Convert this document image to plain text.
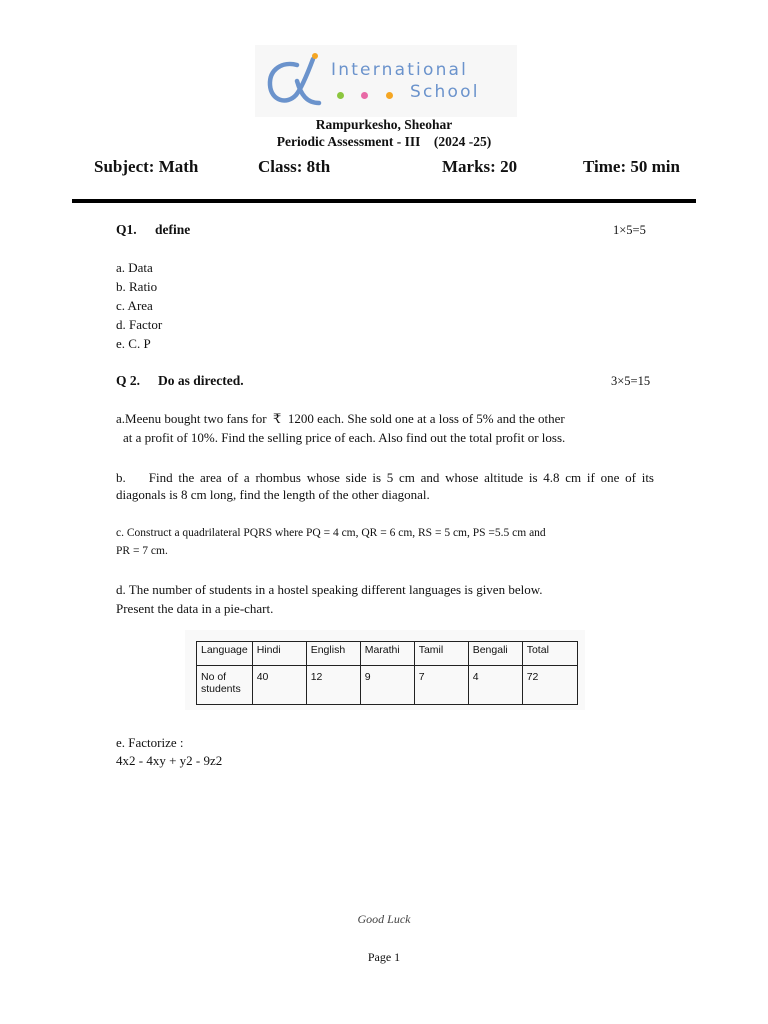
International
School
Rampurkesho, Sheohar
Periodic Assessment - III    (2024 -25)
Subject: Math	Class: 8th	Marks: 20	Time: 50 min
Q1. define	1×5=5
a. Data
b. Ratio
c. Area
d. Factor
e. C. P
Q 2. Do as directed.	3×5=15
a.Meenu bought two fans for  ₹  1200 each. She sold one at a loss of 5% and the other
at a profit of 10%. Find the selling price of each. Also find out the total profit or loss.
b.    Find the area of a rhombus whose side is 5 cm and whose altitude is 4.8 cm if one of its
diagonals is 8 cm long, find the length of the other diagonal.
c. Construct a quadrilateral PQRS where PQ = 4 cm, QR = 6 cm, RS = 5 cm, PS =5.5 cm and
PR = 7 cm.
d. The number of students in a hostel speaking different languages is given below.
Present the data in a pie-chart.
Language	Hindi	English	Marathi	Tamil	Bengali	Total

No of
students	40	12	9	7	4	72
e. Factorize :
4x2 - 4xy + y2 - 9z2
Good Luck
Page 1
